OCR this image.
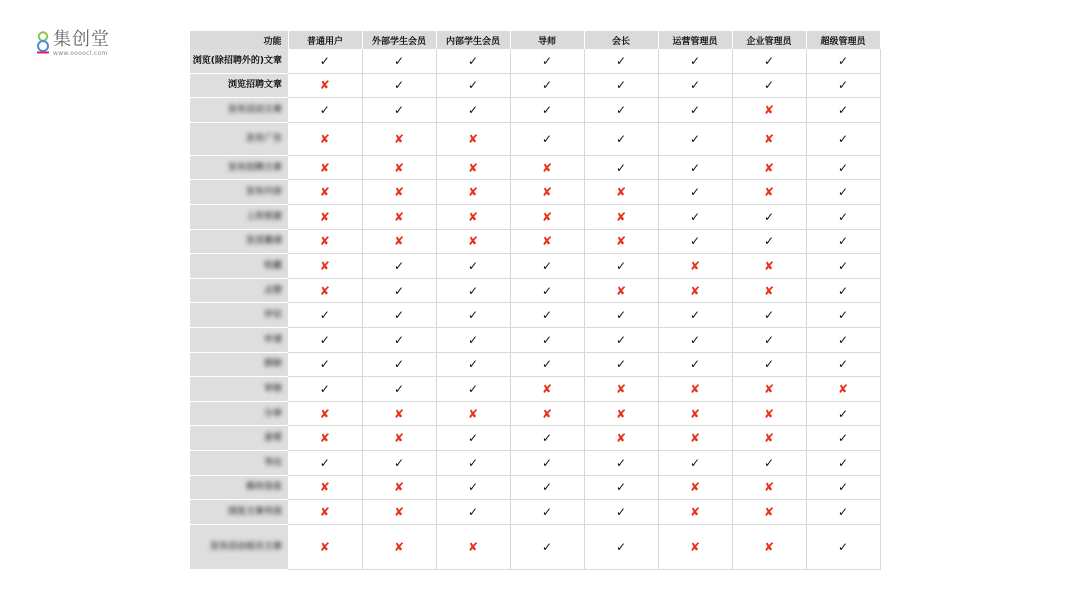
集创堂
www.oooocl.com
功能	普通用户	外部学生会员	内部学生会员	导师	会长	运营管理员	企业管理员	超级管理员
浏览(除招聘外的)文章	✓	✓	✓	✓	✓	✓	✓	✓
浏览招聘文章	✘	✓	✓	✓	✓	✓	✓	✓
发布活动文章	✓	✓	✓	✓	✓	✓	✘	✓
发布广告	✘	✘	✘	✓	✓	✓	✘	✓
发布招聘文章	✘	✘	✘	✘	✓	✓	✘	✓
发布内容	✘	✘	✘	✘	✘	✓	✘	✓
上传资源	✘	✘	✘	✘	✘	✓	✓	✓
发送邀请	✘	✘	✘	✘	✘	✓	✓	✓
收藏	✘	✓	✓	✓	✓	✘	✘	✓
点赞	✘	✓	✓	✓	✘	✘	✘	✓
评论	✓	✓	✓	✓	✓	✓	✓	✓
申请	✓	✓	✓	✓	✓	✓	✓	✓
移除	✓	✓	✓	✓	✓	✓	✓	✓
审核	✓	✓	✓	✘	✘	✘	✘	✘
分享	✘	✘	✘	✘	✘	✘	✘	✓
查看	✘	✘	✓	✓	✘	✘	✘	✓
导出	✓	✓	✓	✓	✓	✓	✓	✓
修改信息	✘	✘	✓	✓	✓	✘	✘	✓
浏览文章列表	✘	✘	✓	✓	✓	✘	✘	✓
发布活动相关文章	✘	✘	✘	✓	✓	✘	✘	✓
